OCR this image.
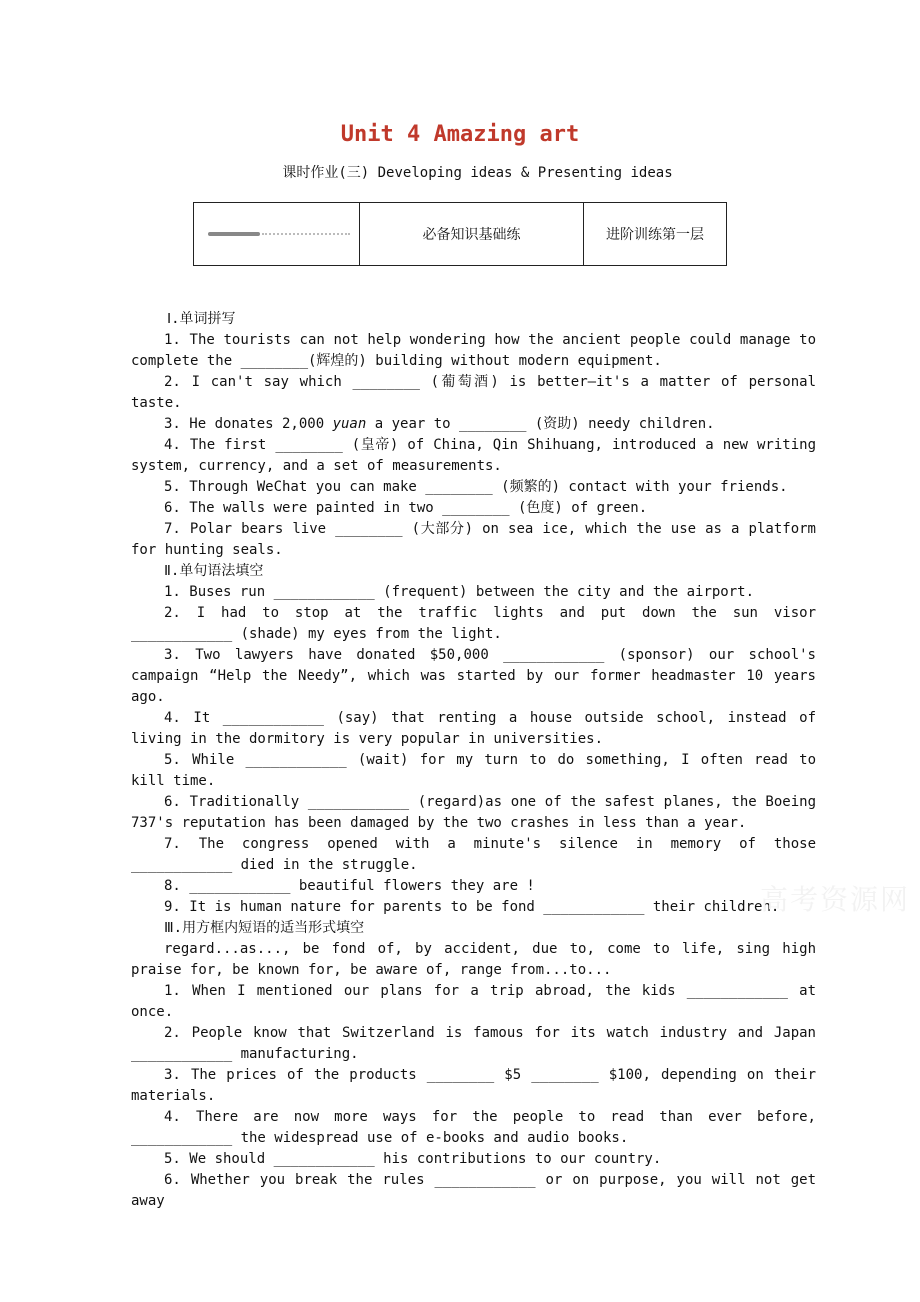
Unit 4 Amazing art
课时作业(三) Developing ideas & Presenting ideas
	必备知识基础练	进阶训练第一层

Ⅰ.单词拼写

1. The tourists can not help wondering how the ancient people could manage to complete the ________(辉煌的) building without modern equipment.

2. I can't say which ________ (葡萄酒) is better—it's a matter of personal taste.

3. He donates 2,000 yuan a year to ________ (资助) needy children.

4. The first ________ (皇帝) of China, Qin Shihuang, introduced a new writing system, currency, and a set of measurements.

5. Through WeChat you can make ________ (频繁的) contact with your friends.

6. The walls were painted in two ________ (色度) of green.

7. Polar bears live ________ (大部分) on sea ice, which the use as a platform for hunting seals.

Ⅱ.单句语法填空

1. Buses run ____________ (frequent) between the city and the airport.

2. I had to stop at the traffic lights and put down the sun visor ____________ (shade) my eyes from the light.

3. Two lawyers have donated $50,000 ____________ (sponsor) our school's campaign “Help the Needy”, which was started by our former headmaster 10 years ago.

4. It ____________ (say) that renting a house outside school, instead of living in the dormitory is very popular in universities.

5. While ____________ (wait) for my turn to do something, I often read to kill time.

6. Traditionally ____________ (regard)as one of the safest planes, the Boeing 737's reputation has been damaged by the two crashes in less than a year.

7. The congress opened with a minute's silence in memory of those ____________ died in the struggle.

8. ____________ beautiful flowers they are !

9. It is human nature for parents to be fond ____________ their children.

Ⅲ.用方框内短语的适当形式填空

regard...as..., be fond of, by accident, due to, come to life, sing high praise for, be known for, be aware of, range from...to...

1. When I mentioned our plans for a trip abroad, the kids ____________ at once.

2. People know that Switzerland is famous for its watch industry and Japan ____________ manufacturing.

3. The prices of the products ________ $5 ________ $100, depending on their materials.

4. There are now more ways for the people to read than ever before, ____________ the widespread use of e-books and audio books.

5. We should ____________ his contributions to our country.

6. Whether you break the rules ____________ or on purpose, you will not get away

高考资源网
